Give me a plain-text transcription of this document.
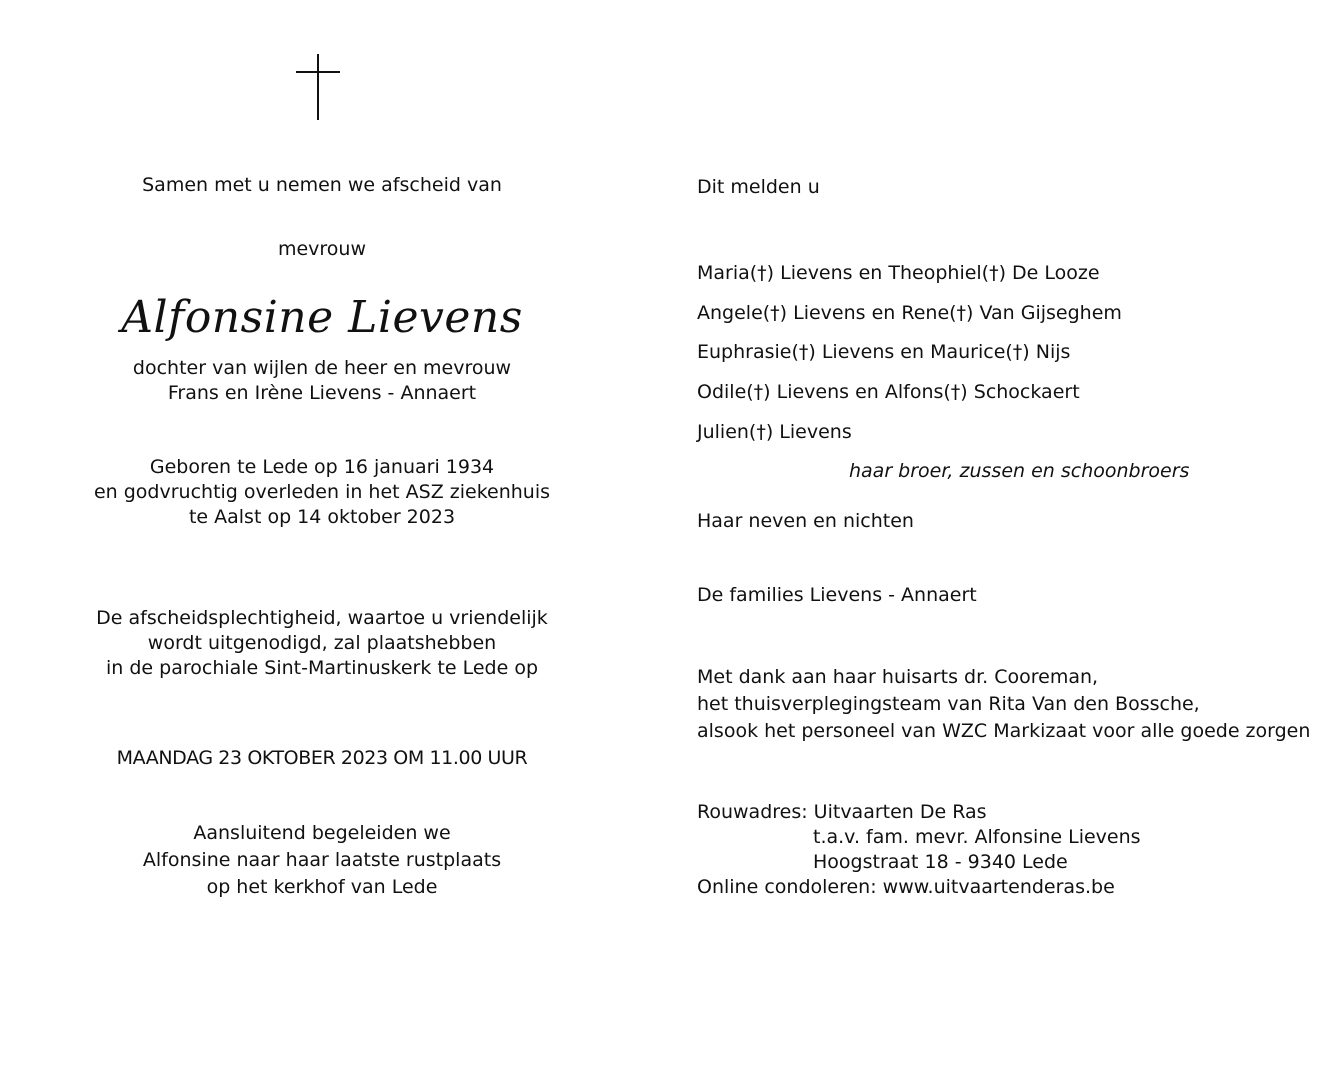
Samen met u nemen we afscheid van
mevrouw
Alfonsine Lievens
dochter van wijlen de heer en mevrouw
Frans en Irène Lievens - Annaert
Geboren te Lede op 16 januari 1934
en godvruchtig overleden in het ASZ ziekenhuis
te Aalst op 14 oktober 2023
De afscheidsplechtigheid, waartoe u vriendelijk
wordt uitgenodigd, zal plaatshebben
in de parochiale Sint-Martinuskerk te Lede op
MAANDAG 23 OKTOBER 2023 OM 11.00 UUR
Aansluitend begeleiden we
Alfonsine naar haar laatste rustplaats
op het kerkhof van Lede
Dit melden u
Maria(†) Lievens en Theophiel(†) De Looze
Angele(†) Lievens en Rene(†) Van Gijseghem
Euphrasie(†) Lievens en Maurice(†) Nijs
Odile(†) Lievens en Alfons(†) Schockaert
Julien(†) Lievens
haar broer, zussen en schoonbroers
Haar neven en nichten
De families Lievens - Annaert
Met dank aan haar huisarts dr. Cooreman,
het thuisverplegingsteam van Rita Van den Bossche,
alsook het personeel van WZC Markizaat voor alle goede zorgen
Rouwadres: Uitvaarten De Ras
t.a.v. fam. mevr. Alfonsine Lievens
Hoogstraat 18 - 9340 Lede
Online condoleren: www.uitvaartenderas.be
